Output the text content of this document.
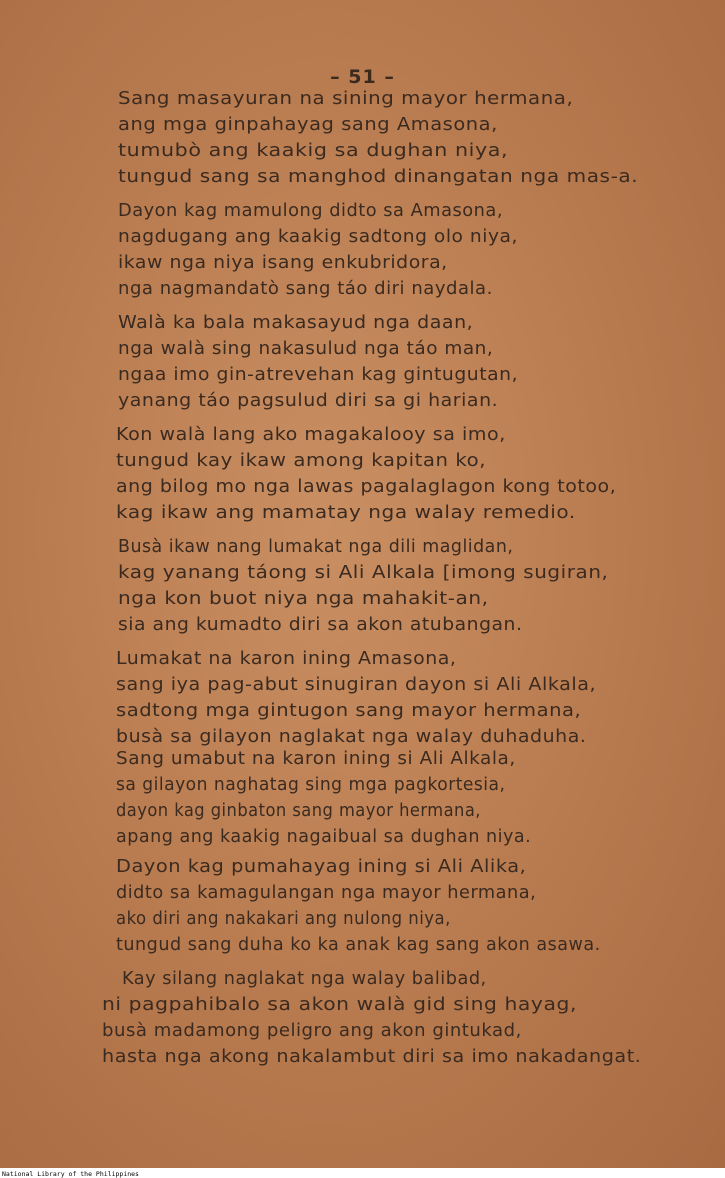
– 51 –
Sang masayuran na sining mayor hermana,
ang mga ginpahayag sang Amasona,
tumubò ang kaakig sa dughan niya,
tungud sang sa manghod dinangatan nga mas-a.
Dayon kag mamulong didto sa Amasona,
nagdugang ang kaakig sadtong olo niya,
ikaw nga niya isang enkubridora,
nga nagmandatò sang táo diri naydala.
Walà ka bala makasayud nga daan,
nga walà sing nakasulud nga táo man,
ngaa imo gin-atrevehan kag gintugutan,
yanang táo pagsulud diri sa gi harian.
Kon walà lang ako magakalooy sa imo,
tungud kay ikaw among kapitan ko,
ang bilog mo nga lawas pagalaglagon kong totoo,
kag ikaw ang mamatay nga walay remedio.
Busà ikaw nang lumakat nga dili maglidan,
kag yanang táong si Ali Alkala [imong sugiran,
nga kon buot niya nga mahakit-an,
sia ang kumadto diri sa akon atubangan.
Lumakat na karon ining Amasona,
sang iya pag-abut sinugiran dayon si Ali Alkala,
sadtong mga gintugon sang mayor hermana,
busà sa gilayon naglakat nga walay duhaduha.
Sang umabut na karon ining si Ali Alkala,
sa gilayon naghatag sing mga pagkortesia,
dayon kag ginbaton sang mayor hermana,
apang ang kaakig nagaibual sa dughan niya.
Dayon kag pumahayag ining si Ali Alika,
didto sa kamagulangan nga mayor hermana,
ako diri ang nakakari ang nulong niya,
tungud sang duha ko ka anak kag sang akon asawa.
Kay silang naglakat nga walay balibad,
ni pagpahibalo sa akon walà gid sing hayag,
busà madamong peligro ang akon gintukad,
hasta nga akong nakalambut diri sa imo nakadangat.
National Library of the Philippines
